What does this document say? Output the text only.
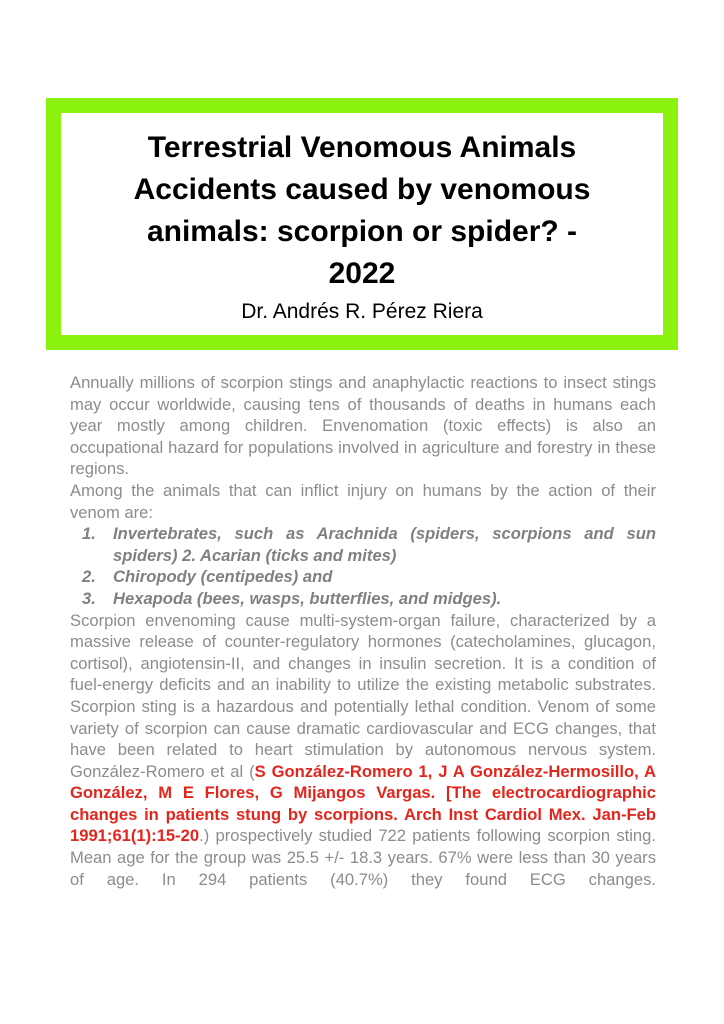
Terrestrial Venomous Animals
Accidents caused by venomous
animals: scorpion or spider? -
2022
Dr. Andrés R. Pérez Riera

Annually millions of scorpion stings and anaphylactic reactions to insect stings may occur worldwide, causing tens of thousands of deaths in humans each year mostly among children. Envenomation (toxic effects) is also an occupational hazard for populations involved in agriculture and forestry in these regions.

Among the animals that can inflict injury on humans by the action of their venom are:

1. Invertebrates, such as Arachnida (spiders, scorpions and sun spiders) 2. Acarian (ticks and mites)
2. Chiropody (centipedes) and
3. Hexapoda (bees, wasps, butterflies, and midges).

Scorpion envenoming cause multi-system-organ failure, characterized by a massive release of counter-regulatory hormones (catecholamines, glucagon, cortisol), angiotensin-II, and changes in insulin secretion. It is a condition of fuel-energy deficits and an inability to utilize the existing metabolic substrates. Scorpion sting is a hazardous and potentially lethal condition. Venom of some variety of scorpion can cause dramatic cardiovascular and ECG changes, that have been related to heart stimulation by autonomous nervous system. González-Romero et al (S González-Romero 1, J A González-Hermosillo, A González, M E Flores, G Mijangos Vargas. [The electrocardiographic changes in patients stung by scorpions. Arch Inst Cardiol Mex. Jan-Feb 1991;61(1):15-20.) prospectively studied 722 patients following scorpion sting. Mean age for the group was 25.5 +/- 18.3 years. 67% were less than 30 years of age. In 294 patients (40.7%) they found ECG changes.
